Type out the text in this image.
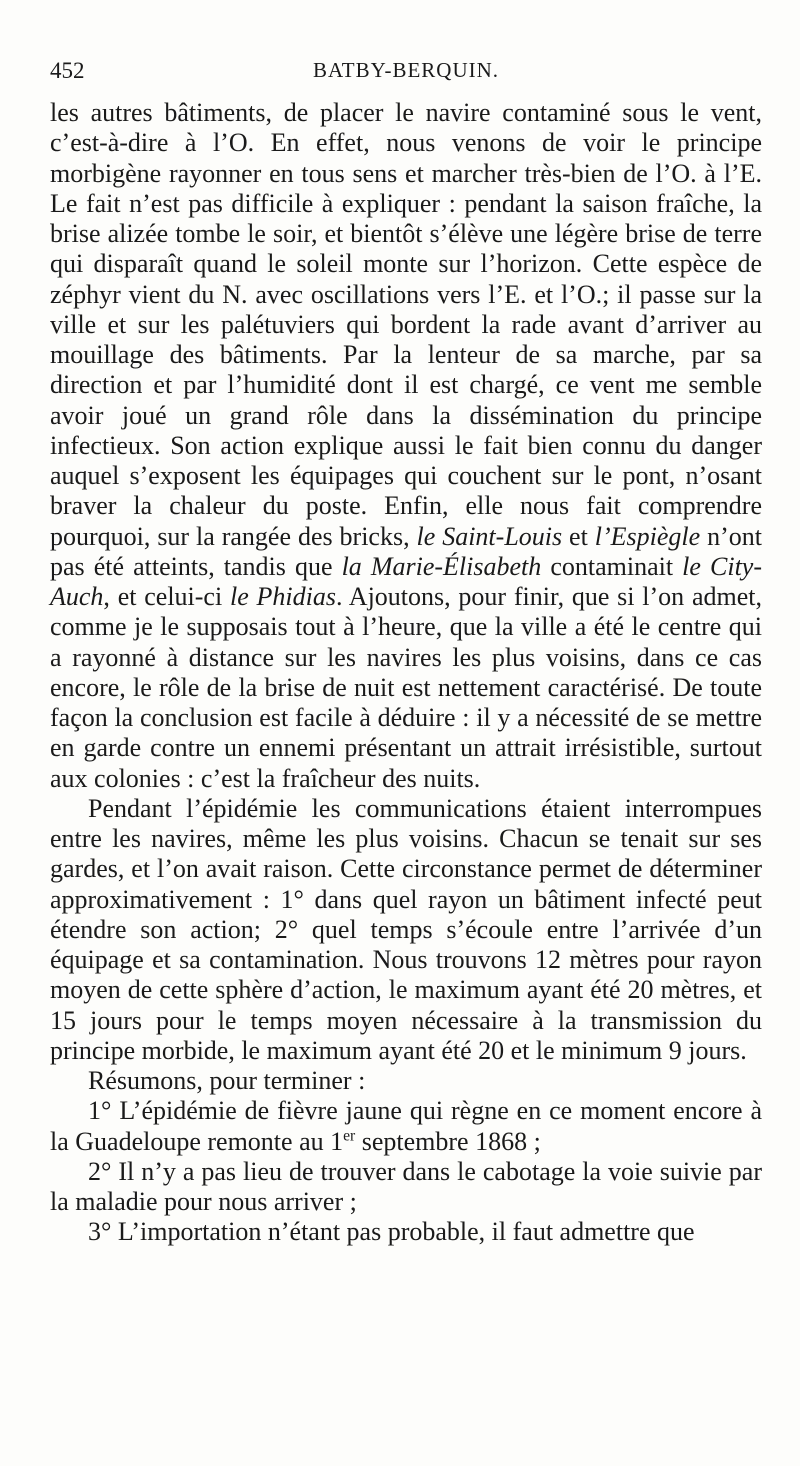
452	BATBY-BERQUIN.

les autres bâtiments, de placer le navire contaminé sous le vent, c’est-à-dire à l’O. En effet, nous venons de voir le principe morbigène rayonner en tous sens et marcher très-bien de l’O. à l’E. Le fait n’est pas difficile à expliquer : pendant la saison fraîche, la brise alizée tombe le soir, et bientôt s’élève une légère brise de terre qui disparaît quand le soleil monte sur l’horizon. Cette espèce de zéphyr vient du N. avec oscillations vers l’E. et l’O.; il passe sur la ville et sur les palétuviers qui bordent la rade avant d’arriver au mouillage des bâtiments. Par la lenteur de sa marche, par sa direction et par l’humidité dont il est chargé, ce vent me semble avoir joué un grand rôle dans la dissémination du principe infectieux. Son action explique aussi le fait bien connu du danger auquel s’exposent les équipages qui couchent sur le pont, n’osant braver la chaleur du poste. Enfin, elle nous fait comprendre pourquoi, sur la rangée des bricks, le Saint-Louis et l’Espiègle n’ont pas été atteints, tandis que la Marie-Élisabeth contaminait le City-Auch, et celui-ci le Phidias. Ajoutons, pour finir, que si l’on admet, comme je le supposais tout à l’heure, que la ville a été le centre qui a rayonné à distance sur les navires les plus voisins, dans ce cas encore, le rôle de la brise de nuit est nettement caractérisé. De toute façon la conclusion est facile à déduire : il y a nécessité de se mettre en garde contre un ennemi présentant un attrait irrésistible, surtout aux colonies : c’est la fraîcheur des nuits.

Pendant l’épidémie les communications étaient interrompues entre les navires, même les plus voisins. Chacun se tenait sur ses gardes, et l’on avait raison. Cette circonstance permet de déterminer approximativement : 1° dans quel rayon un bâtiment infecté peut étendre son action; 2° quel temps s’écoule entre l’arrivée d’un équipage et sa contamination. Nous trouvons 12 mètres pour rayon moyen de cette sphère d’action, le maximum ayant été 20 mètres, et 15 jours pour le temps moyen nécessaire à la transmission du principe morbide, le maximum ayant été 20 et le minimum 9 jours.

Résumons, pour terminer :

1° L’épidémie de fièvre jaune qui règne en ce moment encore à la Guadeloupe remonte au 1er septembre 1868 ;

2° Il n’y a pas lieu de trouver dans le cabotage la voie suivie par la maladie pour nous arriver ;

3° L’importation n’étant pas probable, il faut admettre que
